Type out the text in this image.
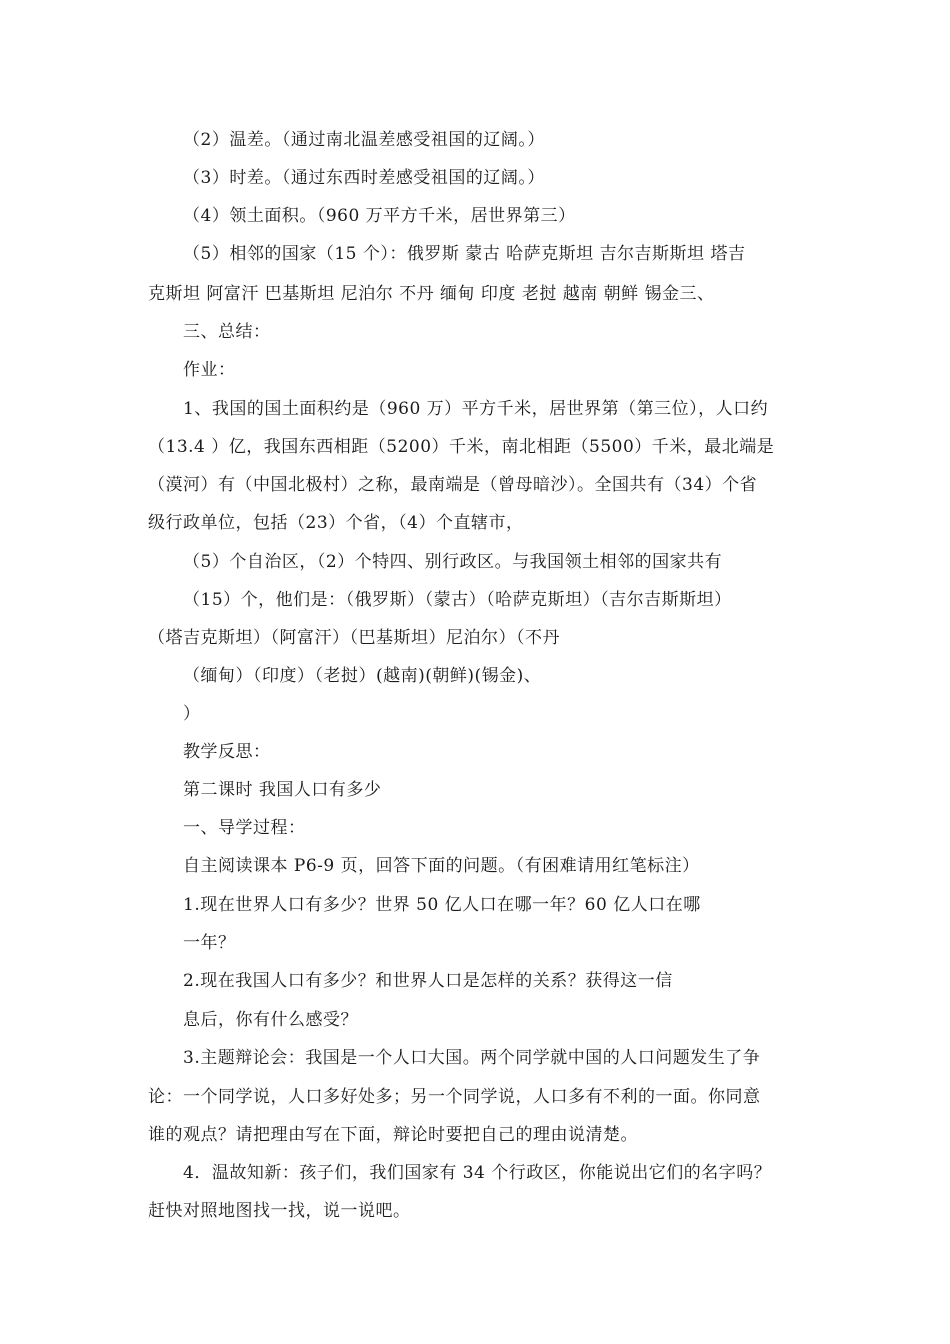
（2）温差。（通过南北温差感受祖国的辽阔。）
（3）时差。（通过东西时差感受祖国的辽阔。）
（4）领土面积。（960 万平方千米，居世界第三）
（5）相邻的国家（15 个）：俄罗斯 蒙古 哈萨克斯坦 吉尔吉斯斯坦 塔吉
克斯坦 阿富汗 巴基斯坦 尼泊尔 不丹 缅甸 印度 老挝 越南 朝鲜 锡金三、
三、总结：
作业：
1、我国的国土面积约是（960 万）平方千米，居世界第（第三位），人口约
（13.4 ）亿，我国东西相距（5200）千米，南北相距（5500）千米，最北端是
（漠河）有（中国北极村）之称，最南端是（曾母暗沙）。全国共有（34）个省
级行政单位，包括（23）个省，（4）个直辖市，
（5）个自治区，（2）个特四、别行政区。与我国领土相邻的国家共有
（15）个，他们是：（俄罗斯）（蒙古）（哈萨克斯坦）（吉尔吉斯斯坦）
（塔吉克斯坦）（阿富汗）（巴基斯坦）尼泊尔）（不丹
（缅甸）（印度）（老挝）(越南)(朝鲜)(锡金)、
）
教学反思：
第二课时 我国人口有多少
一、导学过程：
自主阅读课本 P6-9 页，回答下面的问题。（有困难请用红笔标注）
1.现在世界人口有多少？世界 50 亿人口在哪一年？60 亿人口在哪
一年？
2.现在我国人口有多少？和世界人口是怎样的关系？获得这一信
息后，你有什么感受？
3.主题辩论会：我国是一个人口大国。两个同学就中国的人口问题发生了争
论：一个同学说，人口多好处多；另一个同学说，人口多有不利的一面。你同意
谁的观点？请把理由写在下面，辩论时要把自己的理由说清楚。
4．温故知新：孩子们，我们国家有 34 个行政区，你能说出它们的名字吗？
赶快对照地图找一找，说一说吧。
